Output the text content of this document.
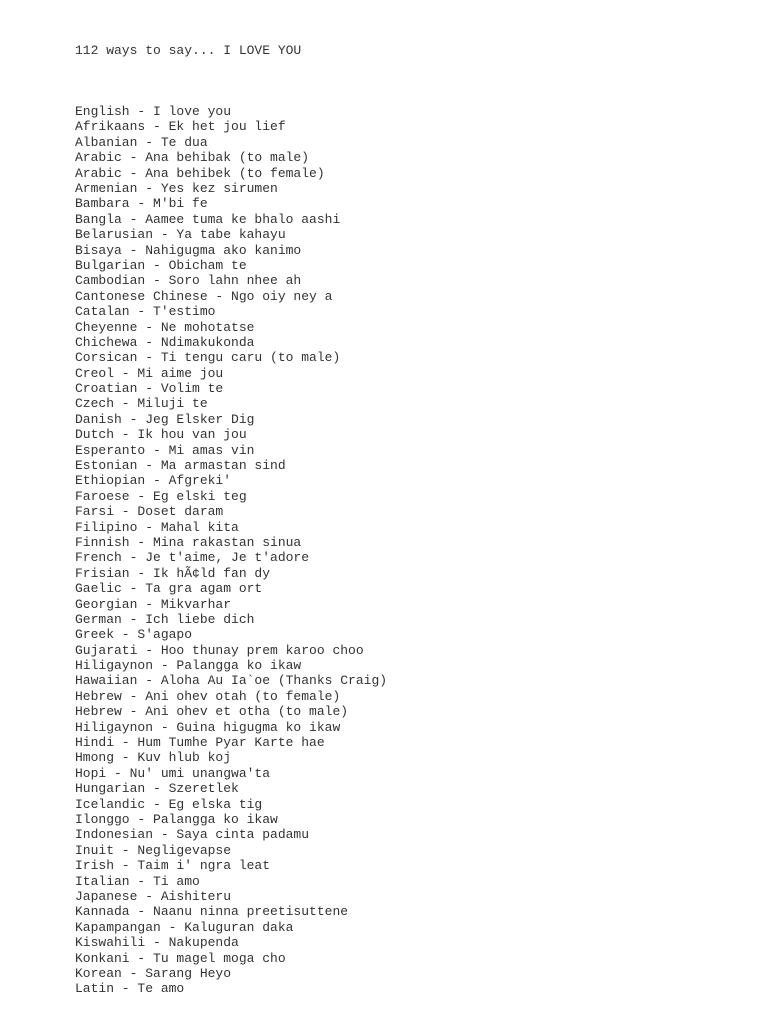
112 ways to say... I LOVE YOU

English - I love you
Afrikaans - Ek het jou lief
Albanian - Te dua
Arabic - Ana behibak (to male)
Arabic - Ana behibek (to female)
Armenian - Yes kez sirumen
Bambara - M'bi fe
Bangla - Aamee tuma ke bhalo aashi
Belarusian - Ya tabe kahayu
Bisaya - Nahigugma ako kanimo
Bulgarian - Obicham te
Cambodian - Soro lahn nhee ah
Cantonese Chinese - Ngo oiy ney a
Catalan - T'estimo
Cheyenne - Ne mohotatse
Chichewa - Ndimakukonda
Corsican - Ti tengu caru (to male)
Creol - Mi aime jou
Croatian - Volim te
Czech - Miluji te
Danish - Jeg Elsker Dig
Dutch - Ik hou van jou
Esperanto - Mi amas vin
Estonian - Ma armastan sind
Ethiopian - Afgreki'
Faroese - Eg elski teg
Farsi - Doset daram
Filipino - Mahal kita
Finnish - Mina rakastan sinua
French - Je t'aime, Je t'adore
Frisian - Ik hÃ¢ld fan dy
Gaelic - Ta gra agam ort
Georgian - Mikvarhar
German - Ich liebe dich
Greek - S'agapo
Gujarati - Hoo thunay prem karoo choo
Hiligaynon - Palangga ko ikaw
Hawaiian - Aloha Au Ia`oe (Thanks Craig)
Hebrew - Ani ohev otah (to female)
Hebrew - Ani ohev et otha (to male)
Hiligaynon - Guina higugma ko ikaw
Hindi - Hum Tumhe Pyar Karte hae
Hmong - Kuv hlub koj
Hopi - Nu' umi unangwa'ta
Hungarian - Szeretlek
Icelandic - Eg elska tig
Ilonggo - Palangga ko ikaw
Indonesian - Saya cinta padamu
Inuit - Negligevapse
Irish - Taim i' ngra leat
Italian - Ti amo
Japanese - Aishiteru
Kannada - Naanu ninna preetisuttene
Kapampangan - Kaluguran daka
Kiswahili - Nakupenda
Konkani - Tu magel moga cho
Korean - Sarang Heyo
Latin - Te amo
